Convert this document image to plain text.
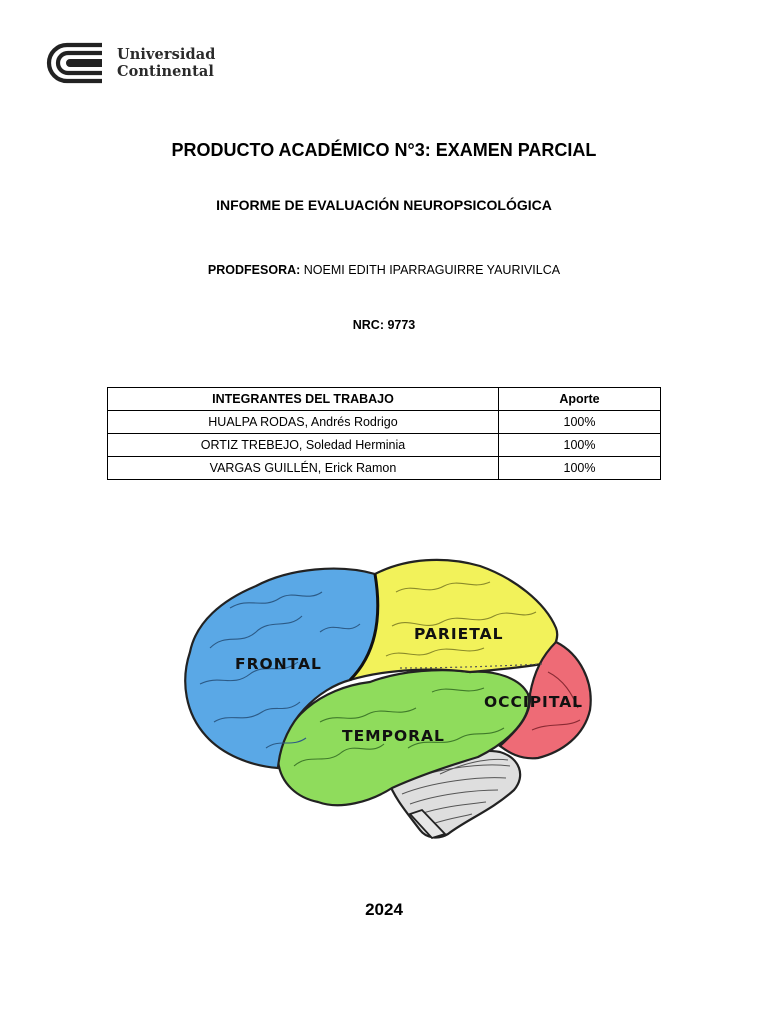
Universidad
Continental
PRODUCTO ACADÉMICO N°3: EXAMEN PARCIAL
INFORME DE EVALUACIÓN NEUROPSICOLÓGICA
PRODFESORA: NOEMI EDITH IPARRAGUIRRE YAURIVILCA
NRC: 9773
INTEGRANTES DEL TRABAJO	Aporte
HUALPA RODAS, Andrés Rodrigo	100%
ORTIZ TREBEJO, Soledad Herminia	100%
VARGAS GUILLÉN, Erick Ramon	100%
FRONTAL
PARIETAL
OCCIPITAL
TEMPORAL
2024
